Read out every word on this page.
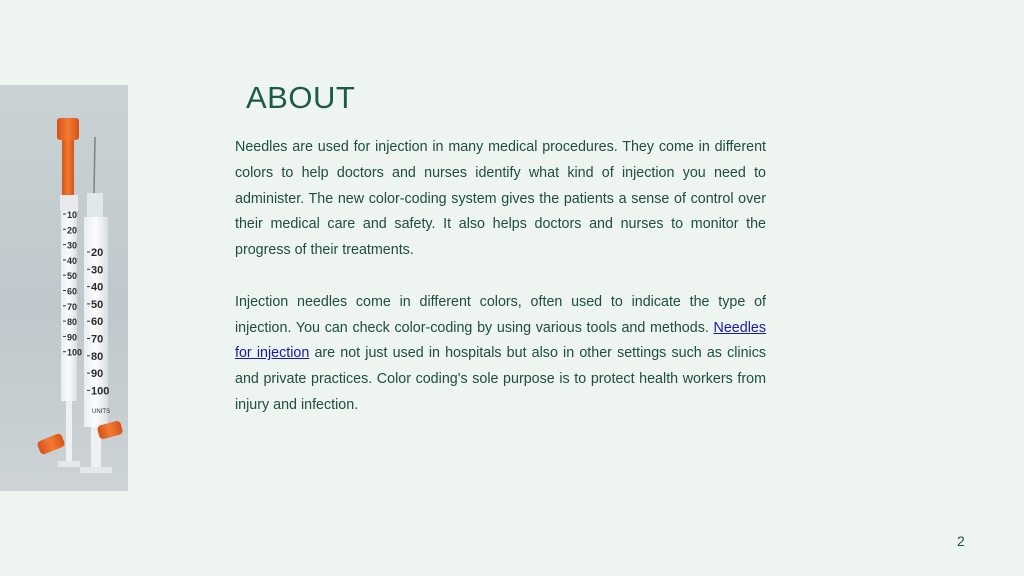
10
20
30
40
50
60
70
80
90
100
20
30
40
50
60
70
80
90
100
UNITS
ABOUT

Needles are used for injection in many medical procedures. They come in different colors to help doctors and nurses identify what kind of injection you need to administer. The new color-coding system gives the patients a sense of control over their medical care and safety. It also helps doctors and nurses to monitor the progress of their treatments.

Injection needles come in different colors, often used to indicate the type of injection. You can check color-coding by using various tools and methods. Needles for injection are not just used in hospitals but also in other settings such as clinics and private practices. Color coding's sole purpose is to protect health workers from injury and infection.

2
